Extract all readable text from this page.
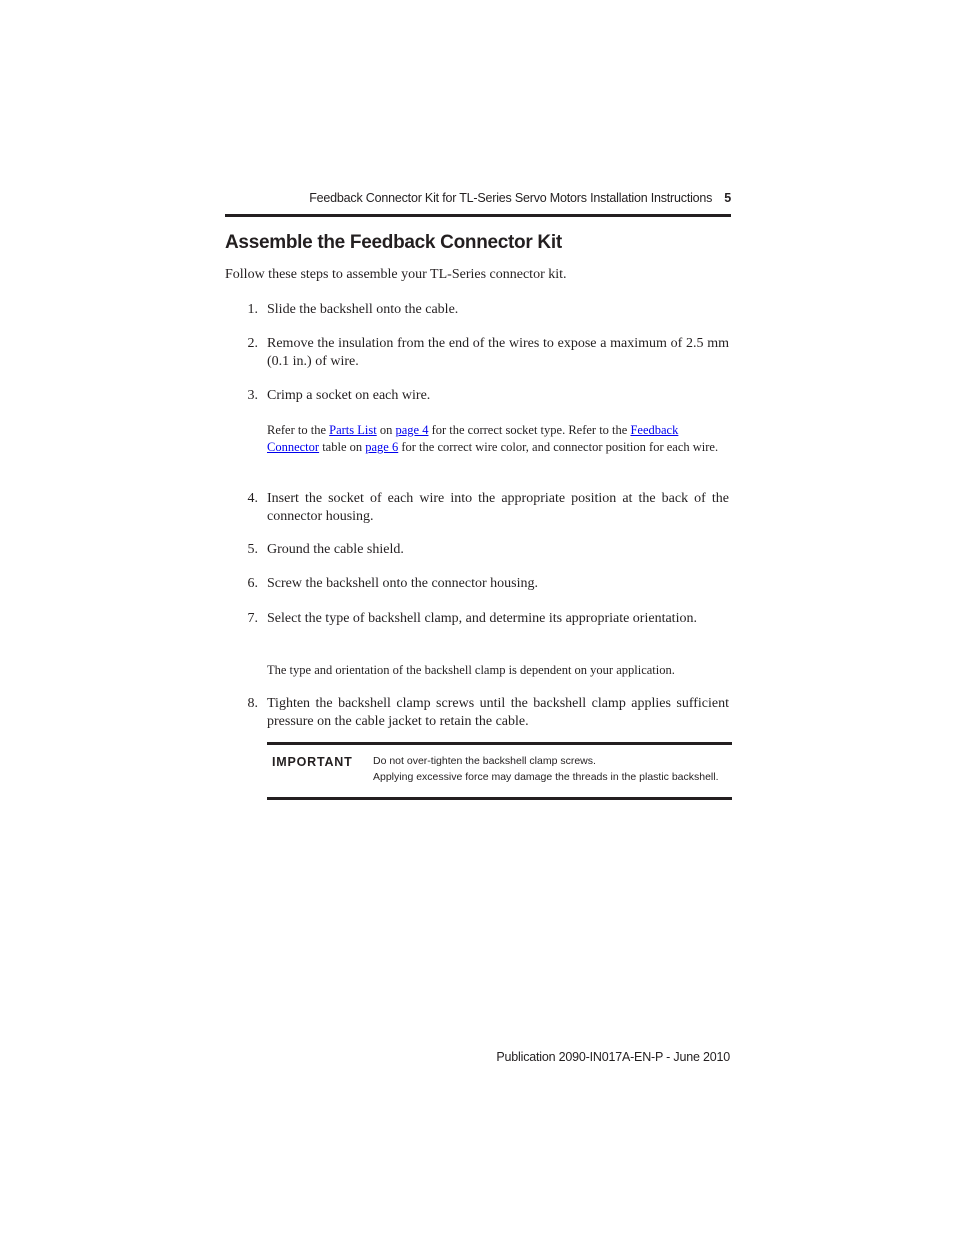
Feedback Connector Kit for TL-Series Servo Motors Installation Instructions 5
Assemble the Feedback Connector Kit

Follow these steps to assemble your TL-Series connector kit.

1. Slide the backshell onto the cable.
2. Remove the insulation from the end of the wires to expose a maximum of 2.5 mm (0.1 in.) of wire.
3. Crimp a socket on each wire.
Refer to the Parts List on page 4 for the correct socket type. Refer to the Feedback Connector table on page 6 for the correct wire color, and connector position for each wire.
4. Insert the socket of each wire into the appropriate position at the back of the connector housing.
5. Ground the cable shield.
6. Screw the backshell onto the connector housing.
7. Select the type of backshell clamp, and determine its appropriate orientation.
The type and orientation of the backshell clamp is dependent on your application.
8. Tighten the backshell clamp screws until the backshell clamp applies sufficient pressure on the cable jacket to retain the cable.
IMPORTANT Do not over-tighten the backshell clamp screws.
Applying excessive force may damage the threads in the plastic backshell.
Publication 2090-IN017A-EN-P - June 2010
